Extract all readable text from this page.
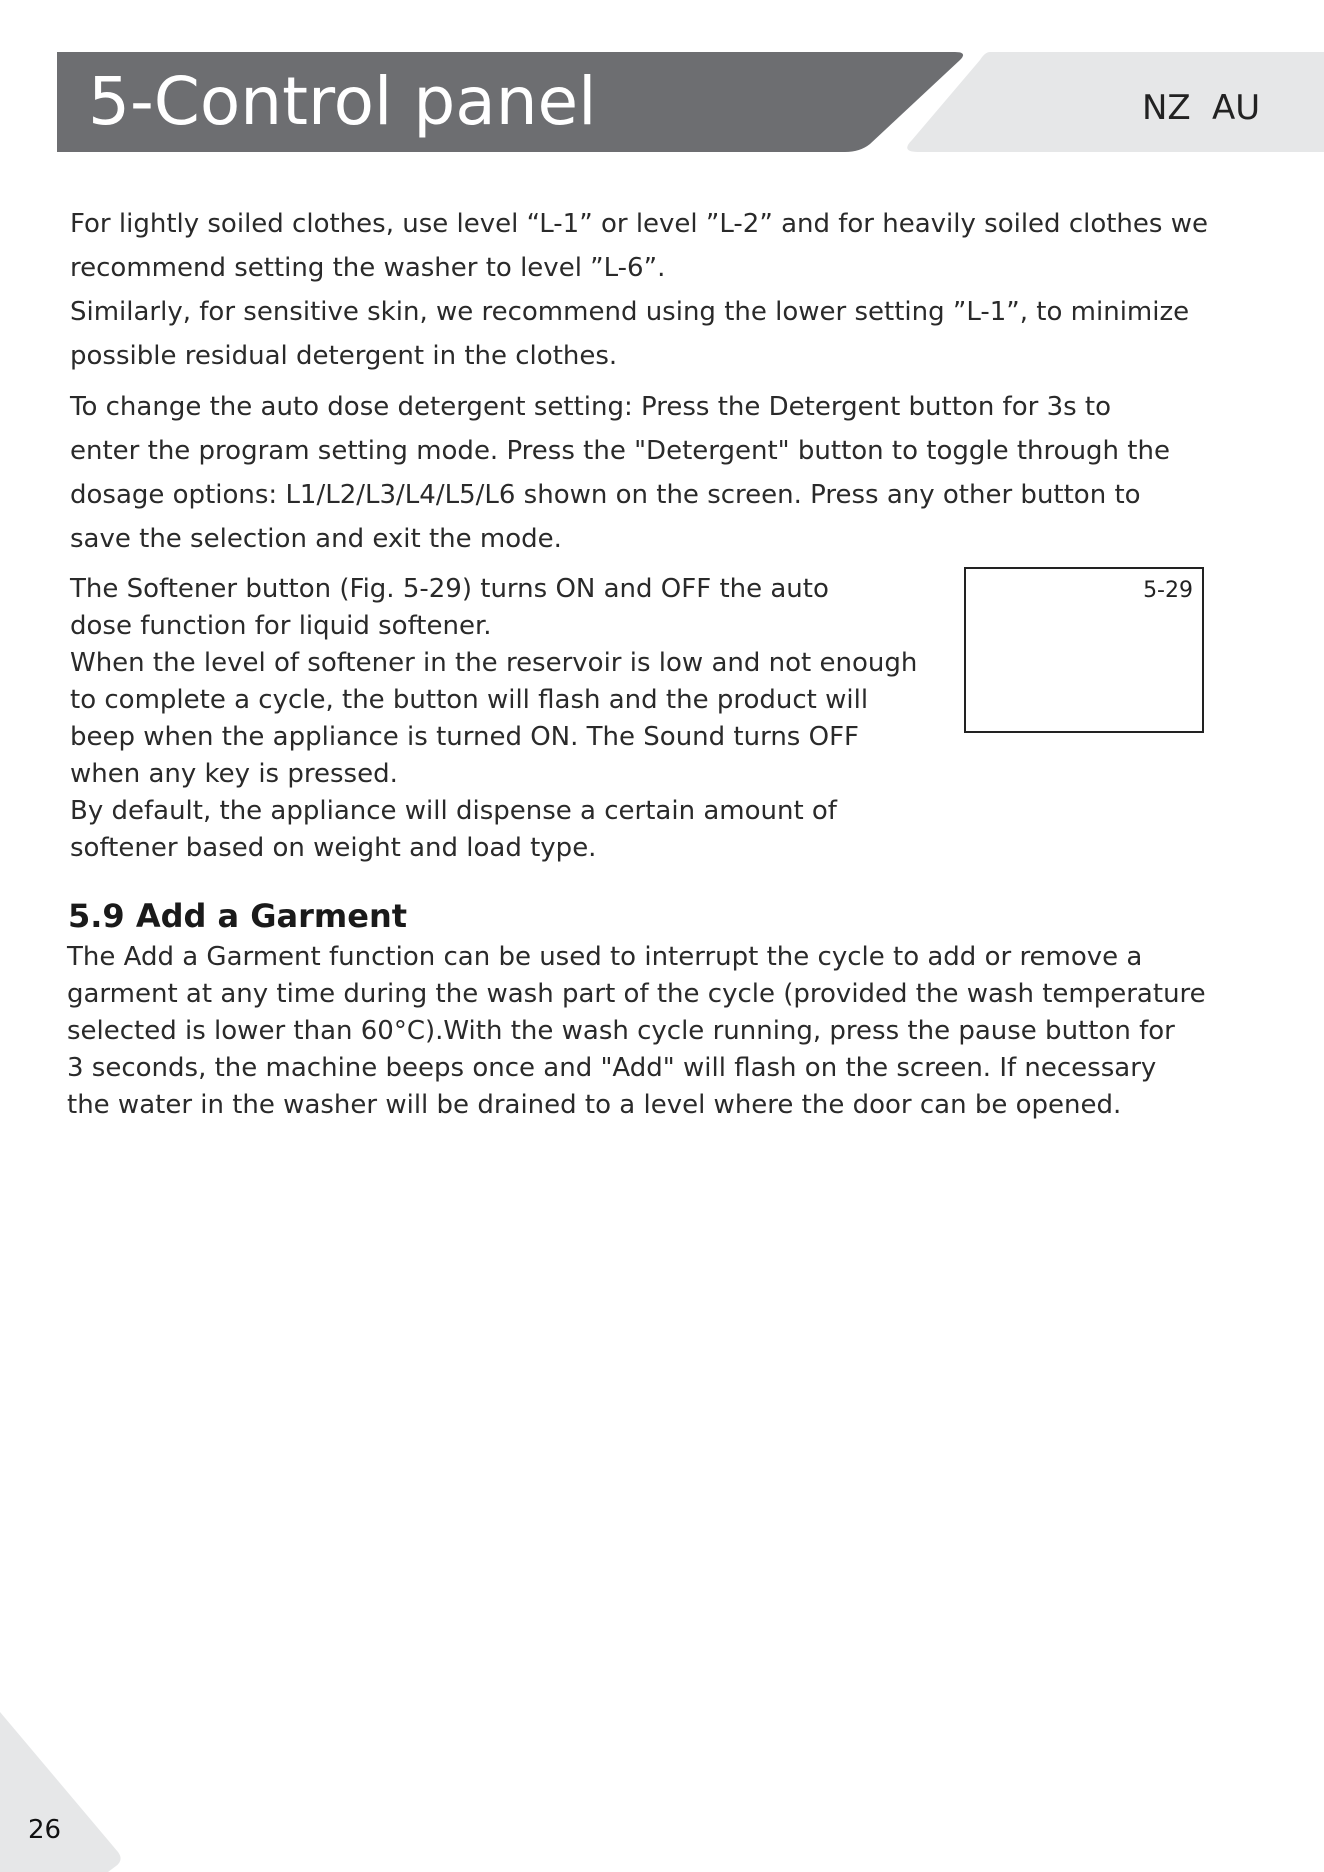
5-Control panel	NZ AU

For lightly soiled clothes, use level “L-1” or level ”L-2” and for heavily soiled clothes we
recommend setting the washer to level ”L-6”.
Similarly, for sensitive skin, we recommend using the lower setting ”L-1”, to minimize
possible residual detergent in the clothes.

To change the auto dose detergent setting: Press the Detergent button for 3s to
enter the program setting mode. Press the "Detergent" button to toggle through the
dosage options: L1/L2/L3/L4/L5/L6 shown on the screen. Press any other button to
save the selection and exit the mode.

The Softener button (Fig. 5-29) turns ON and OFF the auto
dose function for liquid softener.
When the level of softener in the reservoir is low and not enough
to complete a cycle, the button will flash and the product will
beep when the appliance is turned ON. The Sound turns OFF
when any key is pressed.
By default, the appliance will dispense a certain amount of
softener based on weight and load type.

5-29
5.9 Add a Garment

The Add a Garment function can be used to interrupt the cycle to add or remove a
garment at any time during the wash part of the cycle (provided the wash temperature
selected is lower than 60°C).With the wash cycle running, press the pause button for
3 seconds, the machine beeps once and "Add" will flash on the screen. If necessary
the water in the washer will be drained to a level where the door can be opened.

26
